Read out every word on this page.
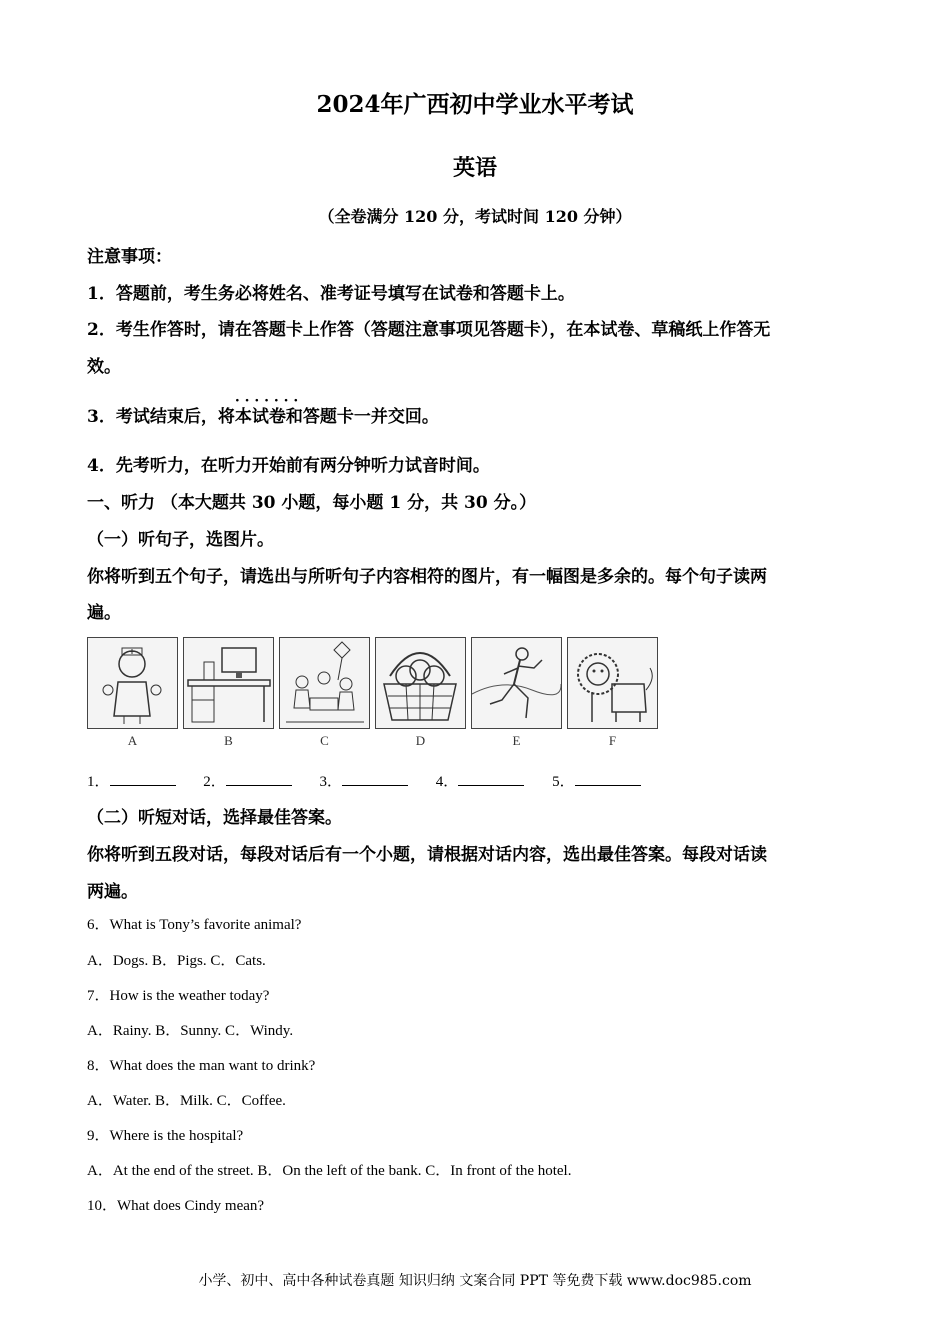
2024年广西初中学业水平考试
英语
（全卷满分 120 分，考试时间 120 分钟）
注意事项：
1．答题前，考生务必将姓名、准考证号填写在试卷和答题卡上。
2．考生作答时，请在答题卡上作答（答题注意事项见答题卡），在本试卷、草稿纸上作答无
效。
3．考试结束后，将
· · · · · · ·
本试卷和答题卡一并交回。
4．先考听力，在听力开始前有两分钟听力试音时间。
一、听力 （本大题共 30 小题，每小题 1 分，共 30 分。）
（一）听句子，选图片。
你将听到五个句子，请选出与所听句子内容相符的图片，有一幅图是多余的。每个句子读两
遍。
A	B	C	D	E	F
1．	2．	3．	4．	5．
（二）听短对话，选择最佳答案。
你将听到五段对话，每段对话后有一个小题，请根据对话内容，选出最佳答案。每段对话读
两遍。
6．What is Tony’s favorite animal?
A．Dogs. B．Pigs. C．Cats.
7．How is the weather today?
A．Rainy. B．Sunny. C．Windy.
8．What does the man want to drink?
A．Water. B．Milk. C．Coffee.
9．Where is the hospital?
A．At the end of the street. B．On the left of the bank. C．In front of the hotel.
10．What does Cindy mean?
小学、初中、高中各种试卷真题 知识归纳 文案合同 PPT 等免费下载 www.doc985.com
